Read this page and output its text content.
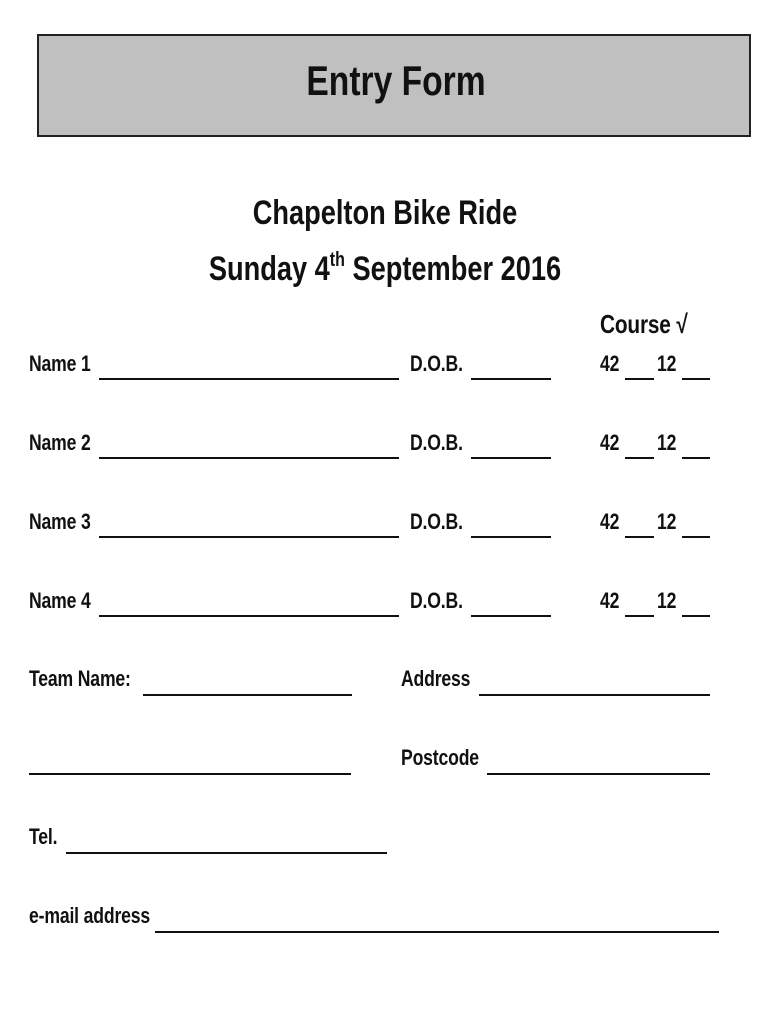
Entry Form
Chapelton Bike Ride
Sunday 4th September 2016
Course √
Name 1	D.O.B.	42 12
Name 2	D.O.B.	42 12
Name 3	D.O.B.	42 12
Name 4	D.O.B.	42 12
Team Name:	Address
Postcode
Tel.
e-mail address
